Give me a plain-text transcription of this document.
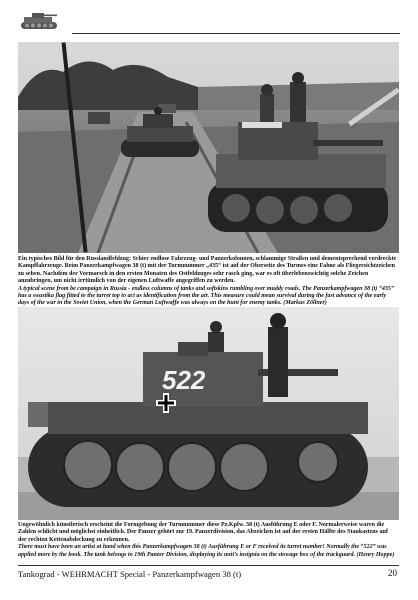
Ein typisches Bild für den Russlandfeldzug: Schier endlose Fahrzeug- und Panzerkolonnen, schlammige Straßen und dementsprechend verdreckte Kampffahrzeuge. Beim Panzerkampfwagen 38 (t) mit der Turmnummer „435“ ist auf der Oberseite des Turmes eine Fahne als Fliegersichtzeichen zu sehen. Nachdem der Vormarsch in den ersten Monaten des Ostfeldzuges sehr rasch ging, war es oft überlebenswichtig solche Zeichen anzubringen, um nicht irrtümlich von der eigenen Luftwaffe angegriffen zu werden.

A typical scene from be campaign in Russia - endless columns of tanks and softskins rumbling over muddy roads. The Panzerkampfwagen 38 (t) “435” has a swastika flag fitted to the turret top to act as identification from the air. This measure could mean survival during the fast advance of the early days of the war in the Soviet Union, when the German Luftwaffe was always on the hunt for enemy tanks. (Markus Zöllner)

522

Ungewöhnlich künstlerisch erscheint die Formgebung der Turmnummer diese Pz.Kpfw. 38 (t) Ausführung E oder F. Normalerweise waren die Zahlen schlicht und möglichst einheitlich. Der Panzer gehört zur 19. Panzerdivision, das Abzeichen ist auf der ersten Hälfte des Staukastens auf der rechten Kettenabdeckung zu erkennen.

There must have been an artist at hand when this Panzerkampfwagen 38 (t) Ausführung E or F received its turret number! Normally the “522” was applied more by the book. The tank belongs to 19th Panzer Division, displaying its unit’s insignia on the stowage box of the trackguard. (Henry Hoppe)

Tankograd - WEHRMACHT Special - Panzerkampfwagen 38 (t)	20
